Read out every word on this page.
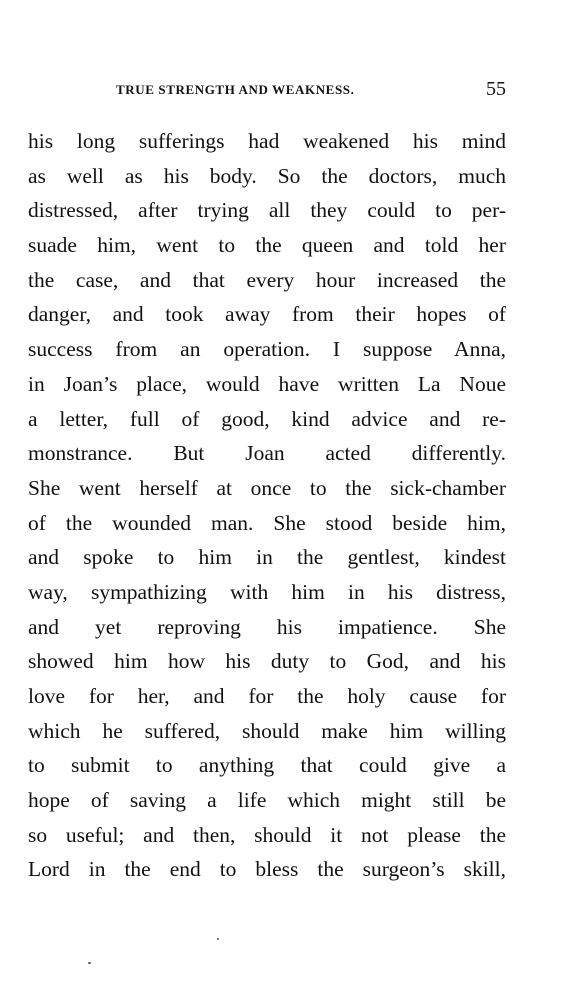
TRUE STRENGTH AND WEAKNESS.	55
his long sufferings had weakened his mind
as well as his body. So the doctors, much
distressed, after trying all they could to per-
suade him, went to the queen and told her
the case, and that every hour increased the
danger, and took away from their hopes of
success from an operation. I suppose Anna,
in Joan’s place, would have written La Noue
a letter, full of good, kind advice and re-
monstrance. But Joan acted differently.
She went herself at once to the sick-chamber
of the wounded man. She stood beside him,
and spoke to him in the gentlest, kindest
way, sympathizing with him in his distress,
and yet reproving his impatience. She
showed him how his duty to God, and his
love for her, and for the holy cause for
which he suffered, should make him willing
to submit to anything that could give a
hope of saving a life which might still be
so useful; and then, should it not please the
Lord in the end to bless the surgeon’s skill,
